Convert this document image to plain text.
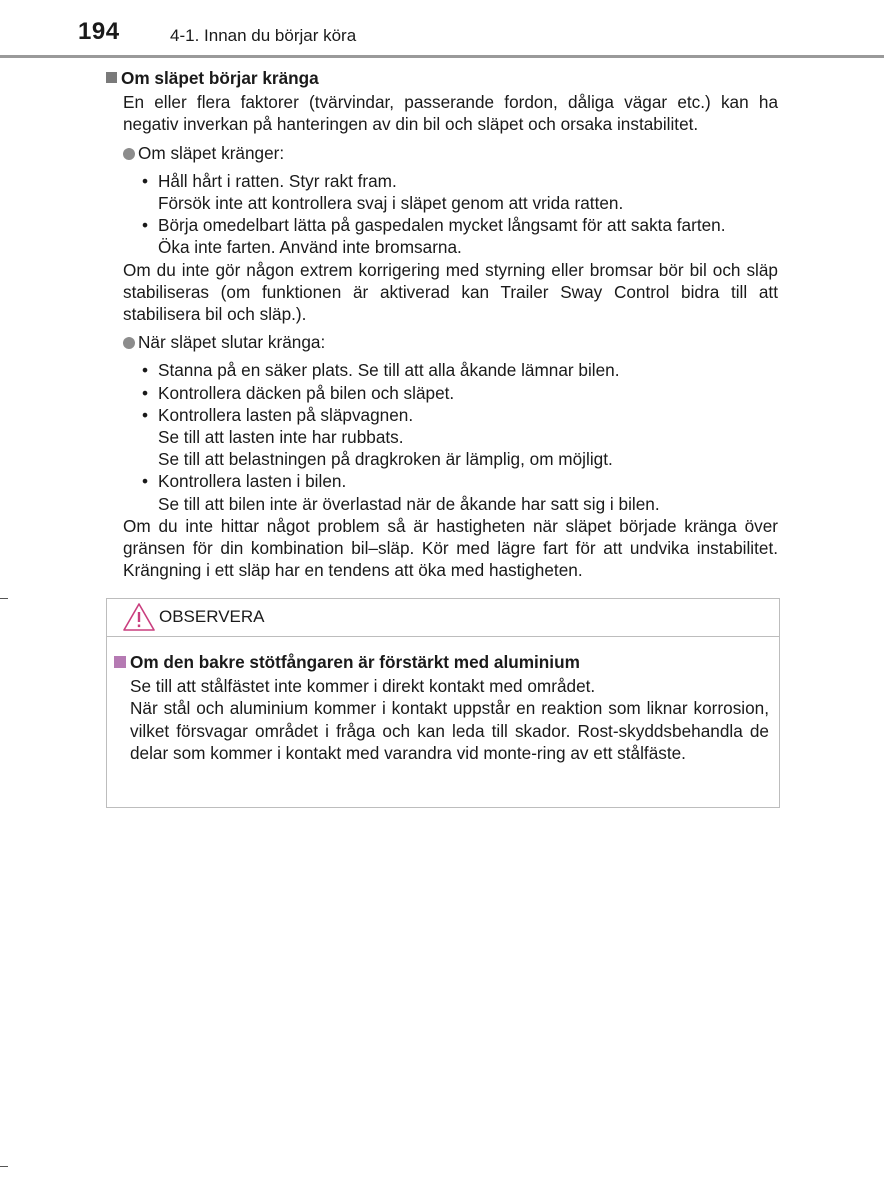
194	4-1. Innan du börjar köra

Om släpet börjar kränga

En eller flera faktorer (tvärvindar, passerande fordon, dåliga vägar etc.) kan ha negativ inverkan på hanteringen av din bil och släpet och orsaka instabilitet.

Om släpet kränger:

• Håll hårt i ratten. Styr rakt fram.
Försök inte att kontrollera svaj i släpet genom att vrida ratten.
• Börja omedelbart lätta på gaspedalen mycket långsamt för att sakta farten.
Öka inte farten. Använd inte bromsarna.

Om du inte gör någon extrem korrigering med styrning eller bromsar bör bil och släp stabiliseras (om funktionen är aktiverad kan Trailer Sway Control bidra till att stabilisera bil och släp.).

När släpet slutar kränga:

• Stanna på en säker plats. Se till att alla åkande lämnar bilen.
• Kontrollera däcken på bilen och släpet.
• Kontrollera lasten på släpvagnen.
Se till att lasten inte har rubbats.
Se till att belastningen på dragkroken är lämplig, om möjligt.
• Kontrollera lasten i bilen.
Se till att bilen inte är överlastad när de åkande har satt sig i bilen.

Om du inte hittar något problem så är hastigheten när släpet började kränga över gränsen för din kombination bil–släp. Kör med lägre fart för att undvika instabilitet. Krängning i ett släp har en tendens att öka med hastigheten.

OBSERVERA

Om den bakre stötfångaren är förstärkt med aluminium

Se till att stålfästet inte kommer i direkt kontakt med området.

När stål och aluminium kommer i kontakt uppstår en reaktion som liknar korrosion, vilket försvagar området i fråga och kan leda till skador. Rost-skyddsbehandla de delar som kommer i kontakt med varandra vid monte-ring av ett stålfäste.
